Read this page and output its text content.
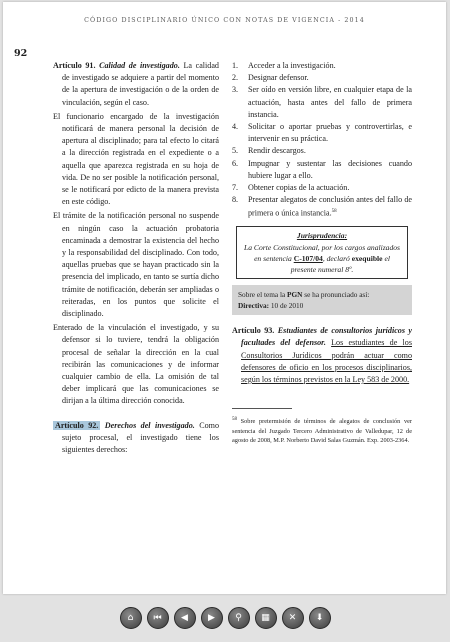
CÓDIGO DISCIPLINARIO ÚNICO CON NOTAS DE VIGENCIA - 2014
92

Artículo 91. Calidad de investigado. La calidad de investigado se adquiere a partir del momento de la apertura de investigación o de la orden de vinculación, según el caso.

El funcionario encargado de la investigación notificará de manera personal la decisión de apertura al disciplinado; para tal efecto lo citará a la dirección registrada en el expediente o a aquella que aparezca registrada en su hoja de vida. De no ser posible la notificación personal, se le notificará por edicto de la manera prevista en este código.

El trámite de la notificación personal no suspende en ningún caso la actuación probatoria encaminada a demostrar la existencia del hecho y la responsabilidad del disciplinado. Con todo, aquellas pruebas que se hayan practicado sin la presencia del implicado, en tanto se surtía dicho trámite de notificación, deberán ser ampliadas o reiteradas, en los puntos que solicite el disciplinado.

Enterado de la vinculación el investigado, y su defensor si lo tuviere, tendrá la obligación procesal de señalar la dirección en la cual recibirán las comunicaciones y de informar cualquier cambio de ella. La omisión de tal deber implicará que las comunicaciones se dirijan a la última dirección conocida.

Artículo 92. Derechos del investigado. Como sujeto procesal, el investigado tiene los siguientes derechos:

1. Acceder a la investigación.
2. Designar defensor.
3. Ser oído en versión libre, en cualquier etapa de la actuación, hasta antes del fallo de primera instancia.
4. Solicitar o aportar pruebas y controvertirlas, e intervenir en su práctica.
5. Rendir descargos.
6. Impugnar y sustentar las decisiones cuando hubiere lugar a ello.
7. Obtener copias de la actuación.
8. Presentar alegatos de conclusión antes del fallo de primera o única instancia.$^{58}$
Jurisprudencia:
La Corte Constitucional, por los cargos analizados en sentencia C-107/04, declaró exequible el presente numeral 8º.
Sobre el tema la PGN se ha pronunciado así:
Directiva: 10 de 2010

Artículo 93. Estudiantes de consultorios jurídicos y facultades del defensor. Los estudiantes de los Consultorios Jurídicos podrán actuar como defensores de oficio en los procesos disciplinarios, según los términos previstos en la Ley 583 de 2000.

$^{58}$ Sobre pretermisión de términos de alegatos de conclusión ver sentencia del Juzgado Tercero Administrativo de Valledupar, 12 de agosto de 2008, M.P. Norberto David Salas Guzmán. Exp. 2003-2364.

⌂ ⏮ ◀ ▶ ⚲ ▦ ✕ ⬇
